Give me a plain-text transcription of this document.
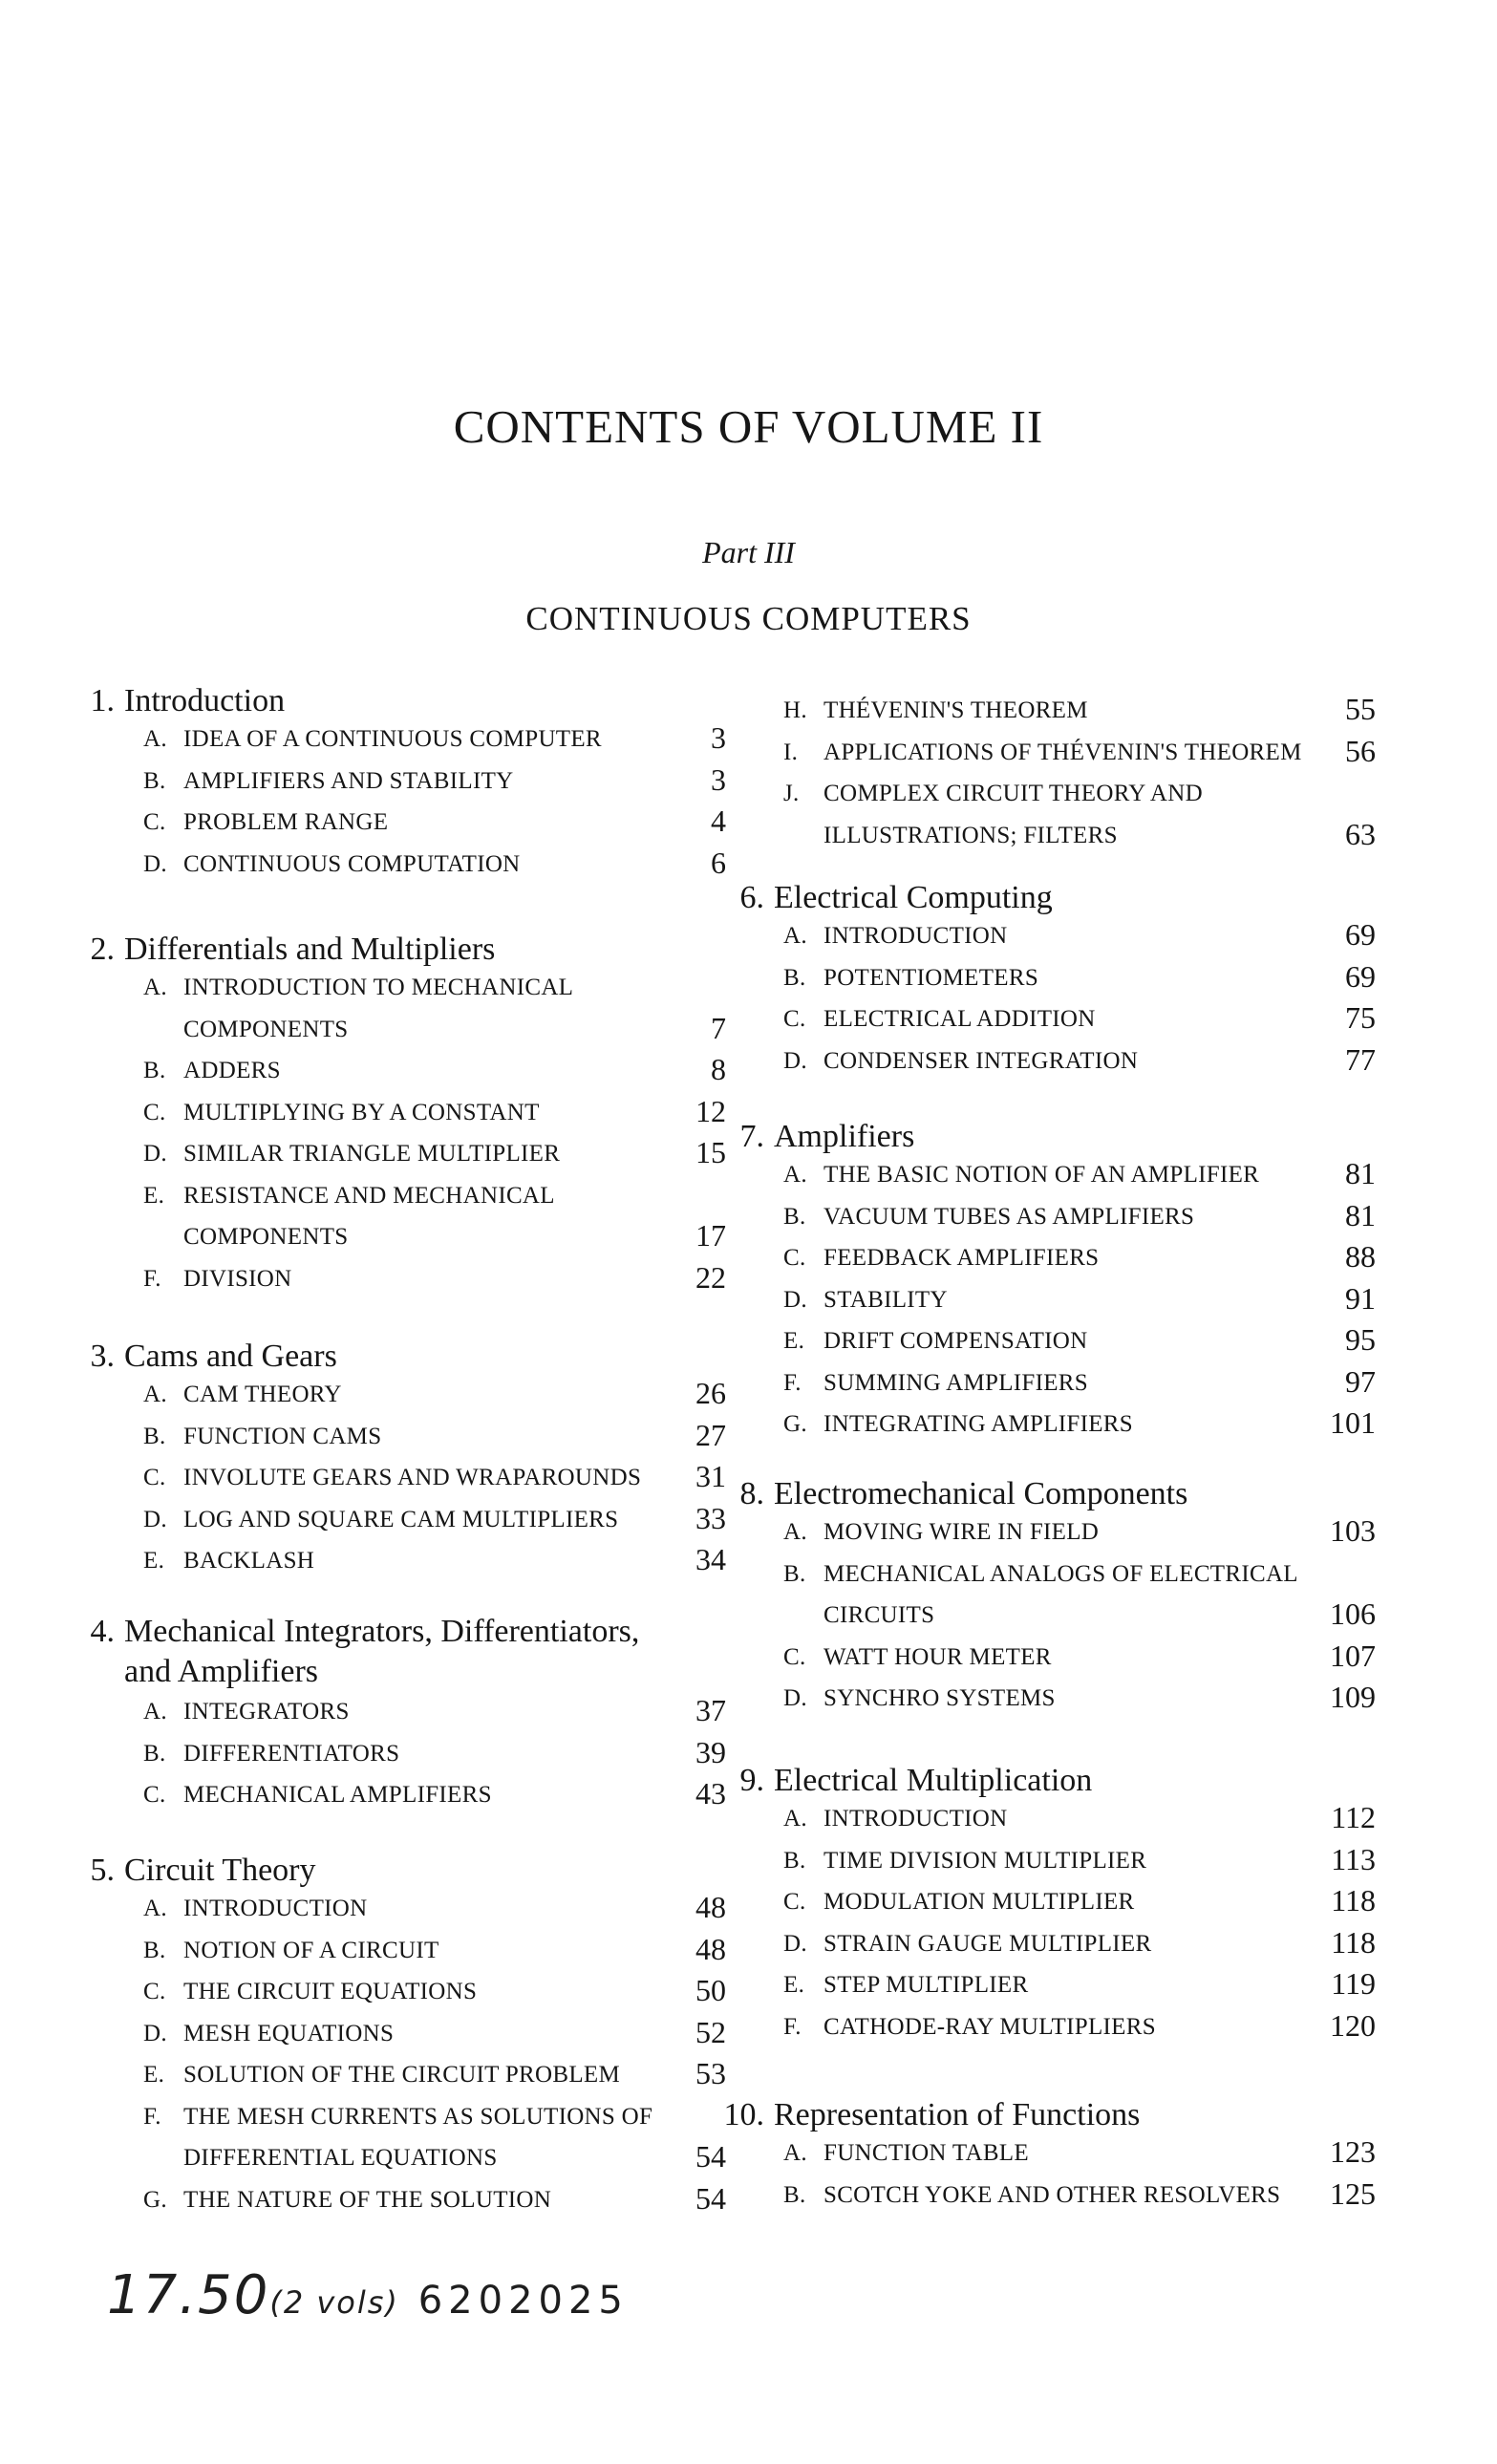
CONTENTS OF VOLUME II
Part III
CONTINUOUS COMPUTERS
1. Introduction
A. IDEA OF A CONTINUOUS COMPUTER	3
B. AMPLIFIERS AND STABILITY	3
C. PROBLEM RANGE	4
D. CONTINUOUS COMPUTATION	6
2. Differentials and Multipliers
A. INTRODUCTION TO MECHANICAL
COMPONENTS	7
B. ADDERS	8
C. MULTIPLYING BY A CONSTANT	12
D. SIMILAR TRIANGLE MULTIPLIER	15
E. RESISTANCE AND MECHANICAL
COMPONENTS	17
F. DIVISION	22
3. Cams and Gears
A. CAM THEORY	26
B. FUNCTION CAMS	27
C. INVOLUTE GEARS AND WRAPAROUNDS	31
D. LOG AND SQUARE CAM MULTIPLIERS	33
E. BACKLASH	34
4. Mechanical Integrators, Differentiators,
and Amplifiers
A. INTEGRATORS	37
B. DIFFERENTIATORS	39
C. MECHANICAL AMPLIFIERS	43
5. Circuit Theory
A. INTRODUCTION	48
B. NOTION OF A CIRCUIT	48
C. THE CIRCUIT EQUATIONS	50
D. MESH EQUATIONS	52
E. SOLUTION OF THE CIRCUIT PROBLEM	53
F. THE MESH CURRENTS AS SOLUTIONS OF
DIFFERENTIAL EQUATIONS	54
G. THE NATURE OF THE SOLUTION	54
H. THÉVENIN'S THEOREM	55
I. APPLICATIONS OF THÉVENIN'S THEOREM	56
J. COMPLEX CIRCUIT THEORY AND
ILLUSTRATIONS; FILTERS	63
6. Electrical Computing
A. INTRODUCTION	69
B. POTENTIOMETERS	69
C. ELECTRICAL ADDITION	75
D. CONDENSER INTEGRATION	77
7. Amplifiers
A. THE BASIC NOTION OF AN AMPLIFIER	81
B. VACUUM TUBES AS AMPLIFIERS	81
C. FEEDBACK AMPLIFIERS	88
D. STABILITY	91
E. DRIFT COMPENSATION	95
F. SUMMING AMPLIFIERS	97
G. INTEGRATING AMPLIFIERS	101
8. Electromechanical Components
A. MOVING WIRE IN FIELD	103
B. MECHANICAL ANALOGS OF ELECTRICAL
CIRCUITS	106
C. WATT HOUR METER	107
D. SYNCHRO SYSTEMS	109
9. Electrical Multiplication
A. INTRODUCTION	112
B. TIME DIVISION MULTIPLIER	113
C. MODULATION MULTIPLIER	118
D. STRAIN GAUGE MULTIPLIER	118
E. STEP MULTIPLIER	119
F. CATHODE-RAY MULTIPLIERS	120
10. Representation of Functions
A. FUNCTION TABLE	123
B. SCOTCH YOKE AND OTHER RESOLVERS	125
17.50(2 vols) 6202025
